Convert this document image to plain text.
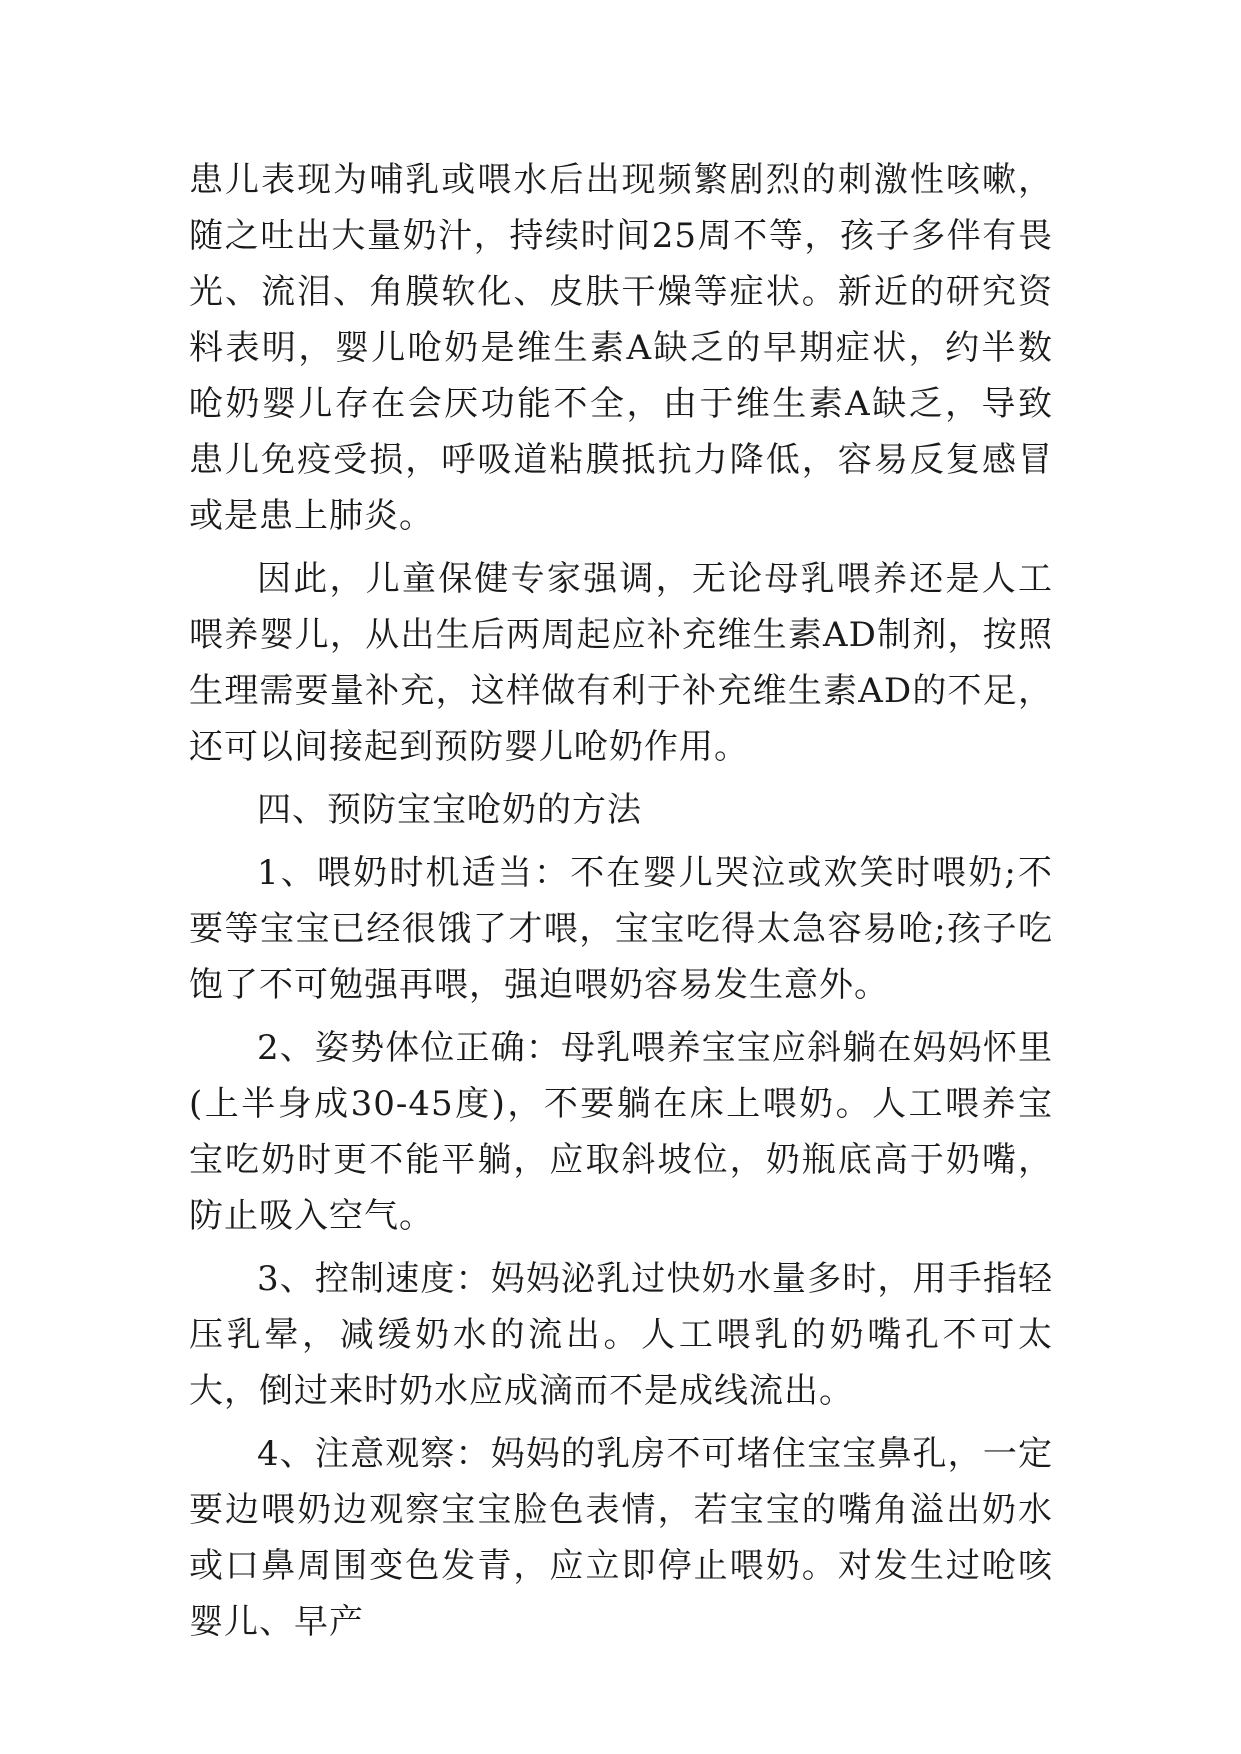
患儿表现为哺乳或喂水后出现频繁剧烈的刺激性咳嗽，随之吐出大量奶汁，持续时间25周不等，孩子多伴有畏光、流泪、角膜软化、皮肤干燥等症状。新近的研究资料表明，婴儿呛奶是维生素A缺乏的早期症状，约半数呛奶婴儿存在会厌功能不全，由于维生素A缺乏，导致患儿免疫受损，呼吸道粘膜抵抗力降低，容易反复感冒或是患上肺炎。

因此，儿童保健专家强调，无论母乳喂养还是人工喂养婴儿，从出生后两周起应补充维生素AD制剂，按照生理需要量补充，这样做有利于补充维生素AD的不足，还可以间接起到预防婴儿呛奶作用。

四、预防宝宝呛奶的方法

1、喂奶时机适当：不在婴儿哭泣或欢笑时喂奶;不要等宝宝已经很饿了才喂，宝宝吃得太急容易呛;孩子吃饱了不可勉强再喂，强迫喂奶容易发生意外。

2、姿势体位正确：母乳喂养宝宝应斜躺在妈妈怀里(上半身成30-45度)，不要躺在床上喂奶。人工喂养宝宝吃奶时更不能平躺，应取斜坡位，奶瓶底高于奶嘴，防止吸入空气。

3、控制速度：妈妈泌乳过快奶水量多时，用手指轻压乳晕，减缓奶水的流出。人工喂乳的奶嘴孔不可太大，倒过来时奶水应成滴而不是成线流出。

4、注意观察：妈妈的乳房不可堵住宝宝鼻孔，一定要边喂奶边观察宝宝脸色表情，若宝宝的嘴角溢出奶水或口鼻周围变色发青，应立即停止喂奶。对发生过呛咳婴儿、早产
